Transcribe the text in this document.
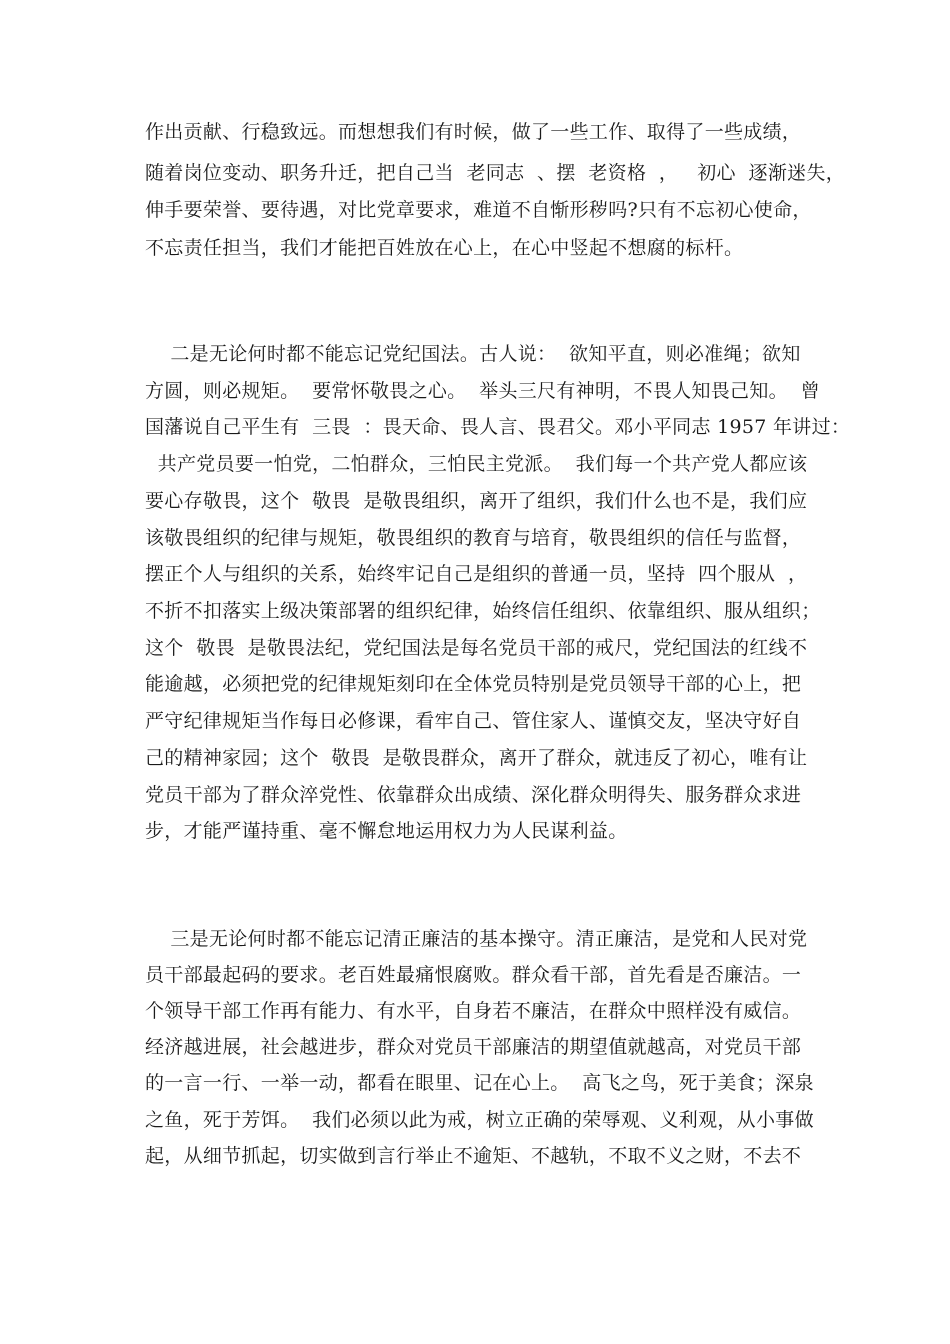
作出贡献、行稳致远。而想想我们有时候，做了一些工作、取得了一些成绩，
随着岗位变动、职务升迁，把自己当  老同志  、摆  老资格  ，   初心  逐渐迷失，
伸手要荣誉、要待遇，对比党章要求，难道不自惭形秽吗?只有不忘初心使命，
不忘责任担当，我们才能把百姓放在心上，在心中竖起不想腐的标杆。
二是无论何时都不能忘记党纪国法。古人说：  欲知平直，则必准绳；欲知
方圆，则必规矩。  要常怀敬畏之心。  举头三尺有神明，不畏人知畏己知。  曾
国藩说自己平生有  三畏  ：畏天命、畏人言、畏君父。邓小平同志 1957 年讲过：
共产党员要一怕党，二怕群众，三怕民主党派。  我们每一个共产党人都应该
要心存敬畏，这个  敬畏  是敬畏组织，离开了组织，我们什么也不是，我们应
该敬畏组织的纪律与规矩，敬畏组织的教育与培育，敬畏组织的信任与监督，
摆正个人与组织的关系，始终牢记自己是组织的普通一员，坚持  四个服从  ，
不折不扣落实上级决策部署的组织纪律，始终信任组织、依靠组织、服从组织；
这个  敬畏  是敬畏法纪，党纪国法是每名党员干部的戒尺，党纪国法的红线不
能逾越，必须把党的纪律规矩刻印在全体党员特别是党员领导干部的心上，把
严守纪律规矩当作每日必修课，看牢自己、管住家人、谨慎交友，坚决守好自
己的精神家园；这个  敬畏  是敬畏群众，离开了群众，就违反了初心，唯有让
党员干部为了群众淬党性、依靠群众出成绩、深化群众明得失、服务群众求进
步，才能严谨持重、毫不懈怠地运用权力为人民谋利益。
三是无论何时都不能忘记清正廉洁的基本操守。清正廉洁，是党和人民对党
员干部最起码的要求。老百姓最痛恨腐败。群众看干部，首先看是否廉洁。一
个领导干部工作再有能力、有水平，自身若不廉洁，在群众中照样没有威信。
经济越进展，社会越进步，群众对党员干部廉洁的期望值就越高，对党员干部
的一言一行、一举一动，都看在眼里、记在心上。  高飞之鸟，死于美食；深泉
之鱼，死于芳饵。  我们必须以此为戒，树立正确的荣辱观、义利观，从小事做
起，从细节抓起，切实做到言行举止不逾矩、不越轨，不取不义之财，不去不
